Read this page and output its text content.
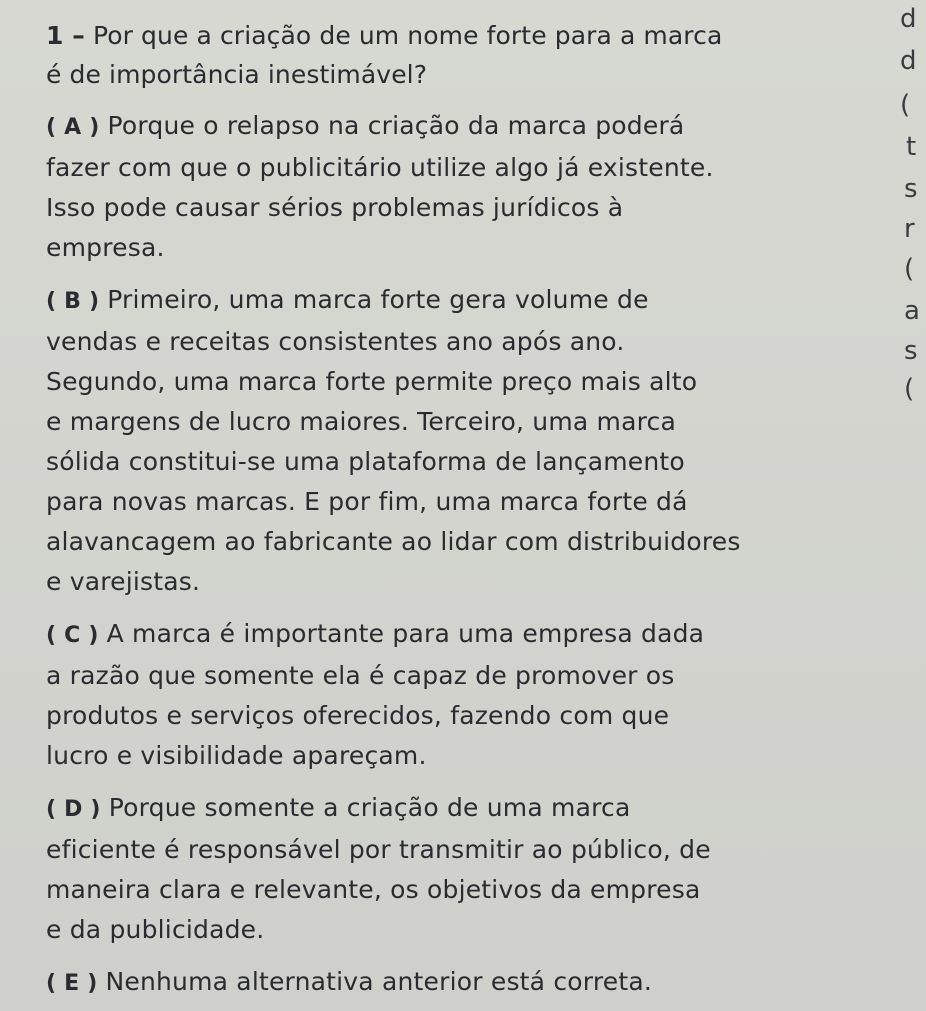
1 – Por que a criação de um nome forte para a marca
é de importância inestimável?
( A ) Porque o relapso na criação da marca poderá
fazer com que o publicitário utilize algo já existente.
Isso pode causar sérios problemas jurídicos à
empresa.
( B ) Primeiro, uma marca forte gera volume de
vendas e receitas consistentes ano após ano.
Segundo, uma marca forte permite preço mais alto
e margens de lucro maiores. Terceiro, uma marca
sólida constitui-se uma plataforma de lançamento
para novas marcas. E por fim, uma marca forte dá
alavancagem ao fabricante ao lidar com distribuidores
e varejistas.
( C ) A marca é importante para uma empresa dada
a razão que somente ela é capaz de promover os
produtos e serviços oferecidos, fazendo com que
lucro e visibilidade apareçam.
( D ) Porque somente a criação de uma marca
eficiente é responsável por transmitir ao público, de
maneira clara e relevante, os objetivos da empresa
e da publicidade.
( E ) Nenhuma alternativa anterior está correta.
d
d
(
t
s
r
(
a
s
(
